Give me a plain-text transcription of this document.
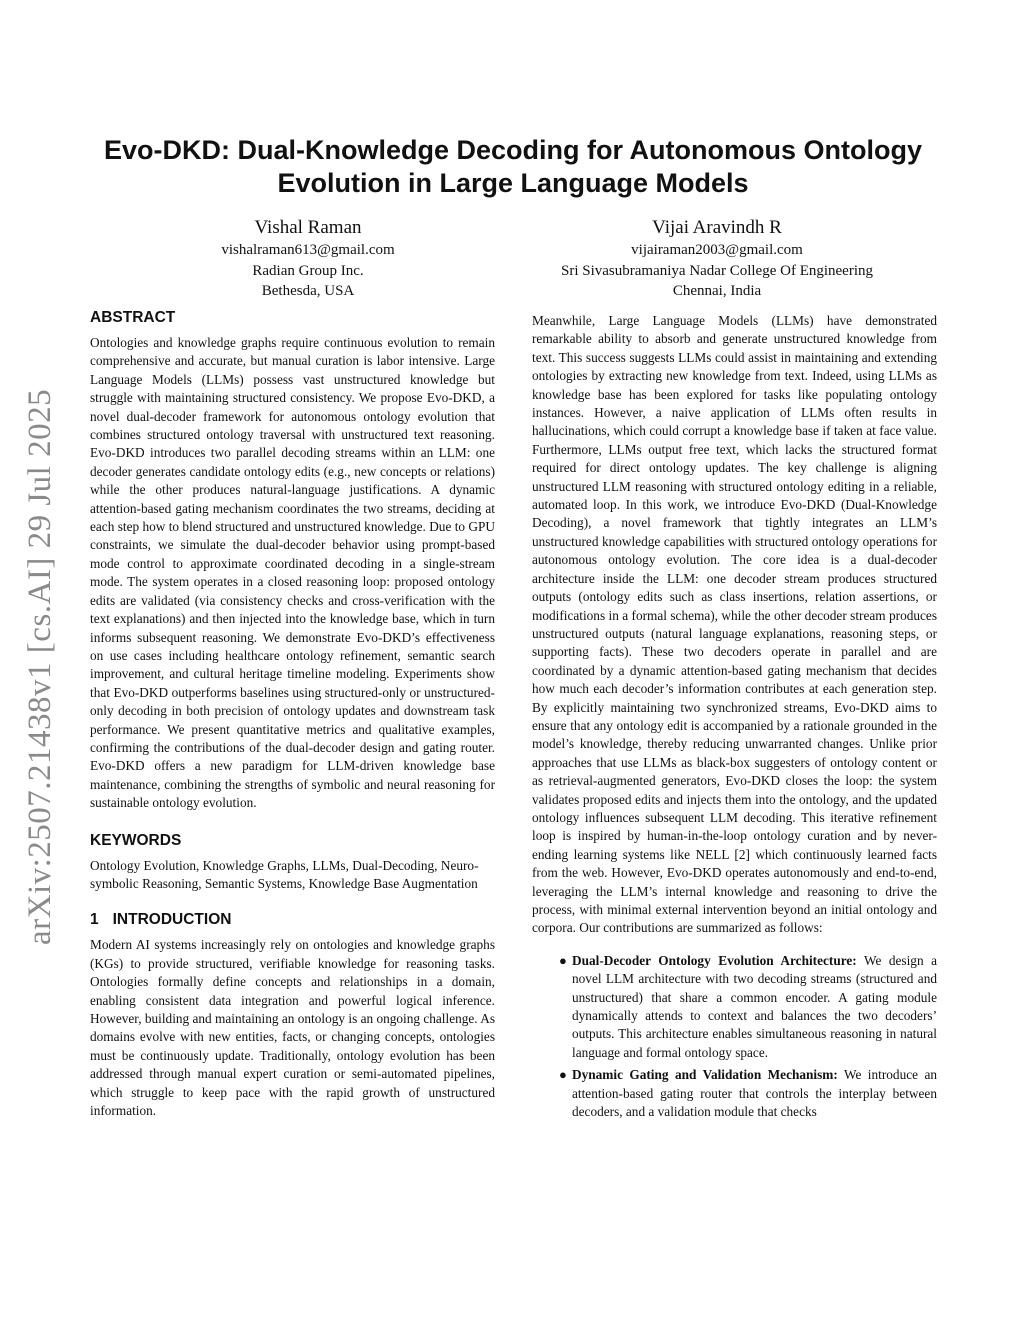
arXiv:2507.21438v1 [cs.AI] 29 Jul 2025
Evo-DKD: Dual-Knowledge Decoding for Autonomous Ontology Evolution in Large Language Models
Vishal Raman
vishalraman613@gmail.com
Radian Group Inc.
Bethesda, USA
Vijai Aravindh R
vijairaman2003@gmail.com
Sri Sivasubramaniya Nadar College Of Engineering
Chennai, India
ABSTRACT

Ontologies and knowledge graphs require continuous evolution to remain comprehensive and accurate, but manual curation is labor intensive. Large Language Models (LLMs) possess vast unstructured knowledge but struggle with maintaining structured consistency. We propose Evo-DKD, a novel dual-decoder framework for autonomous ontology evolution that combines structured ontology traversal with unstructured text reasoning. Evo-DKD introduces two parallel decoding streams within an LLM: one decoder generates candidate ontology edits (e.g., new concepts or relations) while the other produces natural-language justifications. A dynamic attention-based gating mechanism coordinates the two streams, deciding at each step how to blend structured and unstructured knowledge. Due to GPU constraints, we simulate the dual-decoder behavior using prompt-based mode control to approximate coordinated decoding in a single-stream mode. The system operates in a closed reasoning loop: proposed ontology edits are validated (via consistency checks and cross-verification with the text explanations) and then injected into the knowledge base, which in turn informs subsequent reasoning. We demonstrate Evo-DKD’s effectiveness on use cases including healthcare ontology refinement, semantic search improvement, and cultural heritage timeline modeling. Experiments show that Evo-DKD outperforms baselines using structured-only or unstructured-only decoding in both precision of ontology updates and downstream task performance. We present quantitative metrics and qualitative examples, confirming the contributions of the dual-decoder design and gating router. Evo-DKD offers a new paradigm for LLM-driven knowledge base maintenance, combining the strengths of symbolic and neural reasoning for sustainable ontology evolution.

KEYWORDS

Ontology Evolution, Knowledge Graphs, LLMs, Dual-Decoding, Neuro-symbolic Reasoning, Semantic Systems, Knowledge Base Augmentation

1 INTRODUCTION

Modern AI systems increasingly rely on ontologies and knowledge graphs (KGs) to provide structured, verifiable knowledge for reasoning tasks. Ontologies formally define concepts and relationships in a domain, enabling consistent data integration and powerful logical inference. However, building and maintaining an ontology is an ongoing challenge. As domains evolve with new entities, facts, or changing concepts, ontologies must be continuously update. Traditionally, ontology evolution has been addressed through manual expert curation or semi-automated pipelines, which struggle to keep pace with the rapid growth of unstructured information.

Meanwhile, Large Language Models (LLMs) have demonstrated remarkable ability to absorb and generate unstructured knowledge from text. This success suggests LLMs could assist in maintaining and extending ontologies by extracting new knowledge from text. Indeed, using LLMs as knowledge base has been explored for tasks like populating ontology instances. However, a naive application of LLMs often results in hallucinations, which could corrupt a knowledge base if taken at face value. Furthermore, LLMs output free text, which lacks the structured format required for direct ontology updates. The key challenge is aligning unstructured LLM reasoning with structured ontology editing in a reliable, automated loop. In this work, we introduce Evo-DKD (Dual-Knowledge Decoding), a novel framework that tightly integrates an LLM’s unstructured knowledge capabilities with structured ontology operations for autonomous ontology evolution. The core idea is a dual-decoder architecture inside the LLM: one decoder stream produces structured outputs (ontology edits such as class insertions, relation assertions, or modifications in a formal schema), while the other decoder stream produces unstructured outputs (natural language explanations, reasoning steps, or supporting facts). These two decoders operate in parallel and are coordinated by a dynamic attention-based gating mechanism that decides how much each decoder’s information contributes at each generation step. By explicitly maintaining two synchronized streams, Evo-DKD aims to ensure that any ontology edit is accompanied by a rationale grounded in the model’s knowledge, thereby reducing unwarranted changes. Unlike prior approaches that use LLMs as black-box suggesters of ontology content or as retrieval-augmented generators, Evo-DKD closes the loop: the system validates proposed edits and injects them into the ontology, and the updated ontology influences subsequent LLM decoding. This iterative refinement loop is inspired by human-in-the-loop ontology curation and by never-ending learning systems like NELL [2] which continuously learned facts from the web. However, Evo-DKD operates autonomously and end-to-end, leveraging the LLM’s internal knowledge and reasoning to drive the process, with minimal external intervention beyond an initial ontology and corpora. Our contributions are summarized as follows:

● Dual-Decoder Ontology Evolution Architecture: We design a novel LLM architecture with two decoding streams (structured and unstructured) that share a common encoder. A gating module dynamically attends to context and balances the two decoders’ outputs. This architecture enables simultaneous reasoning in natural language and formal ontology space.
● Dynamic Gating and Validation Mechanism: We introduce an attention-based gating router that controls the interplay between decoders, and a validation module that checks
